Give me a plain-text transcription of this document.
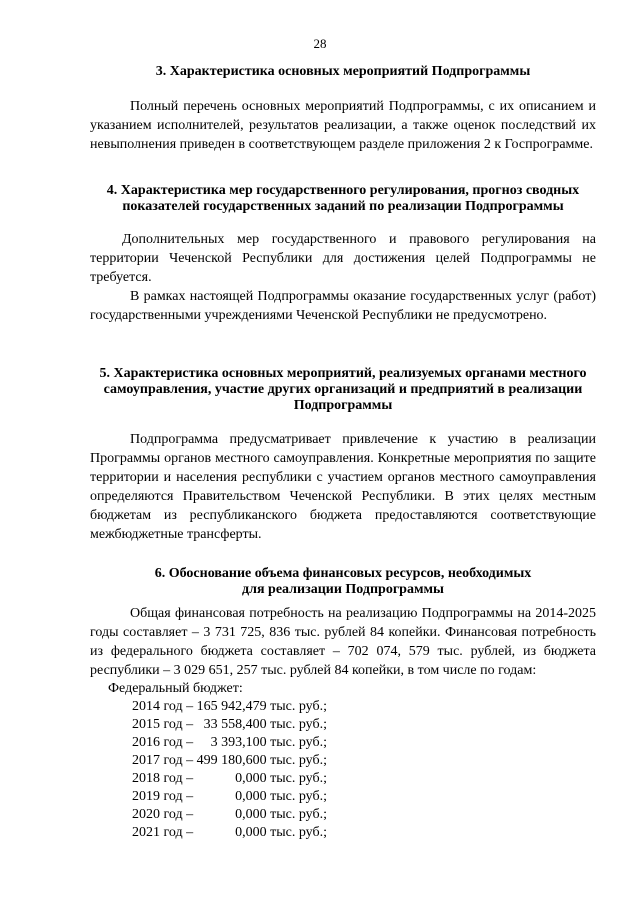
28
3. Характеристика основных мероприятий Подпрограммы

Полный перечень основных мероприятий Подпрограммы, с их описанием и указанием исполнителей, результатов реализации, а также оценок последствий их невыполнения приведен в соответствующем разделе приложения 2 к Госпрограмме.

4. Характеристика мер государственного регулирования, прогноз сводных показателей государственных заданий по реализации Подпрограммы

Дополнительных мер государственного и правового регулирования на территории Чеченской Республики для достижения целей Подпрограммы не требуется.

В рамках настоящей Подпрограммы оказание государственных услуг (работ) государственными учреждениями Чеченской Республики не предусмотрено.

5. Характеристика основных мероприятий, реализуемых органами местного самоуправления, участие других организаций и предприятий в реализации Подпрограммы

Подпрограмма предусматривает привлечение к участию в реализации Программы органов местного самоуправления. Конкретные мероприятия по защите территории и населения республики с участием органов местного самоуправления определяются Правительством Чеченской Республики. В этих целях местным бюджетам из республиканского бюджета предоставляются соответствующие межбюджетные трансферты.

6. Обоснование объема финансовых ресурсов, необходимых
для реализации Подпрограммы

Общая финансовая потребность на реализацию Подпрограммы на 2014-2025 годы составляет – 3 731 725, 836 тыс. рублей 84 копейки. Финансовая потребность из федерального бюджета составляет – 702 074, 579 тыс. рублей, из бюджета республики – 3 029 651, 257 тыс. рублей 84 копейки, в том числе по годам:

Федеральный бюджет:
2014 год – 165 942,479 тыс. руб.;
2015 год –   33 558,400 тыс. руб.;
2016 год –     3 393,100 тыс. руб.;
2017 год – 499 180,600 тыс. руб.;
2018 год –            0,000 тыс. руб.;
2019 год –            0,000 тыс. руб.;
2020 год –            0,000 тыс. руб.;
2021 год –            0,000 тыс. руб.;
